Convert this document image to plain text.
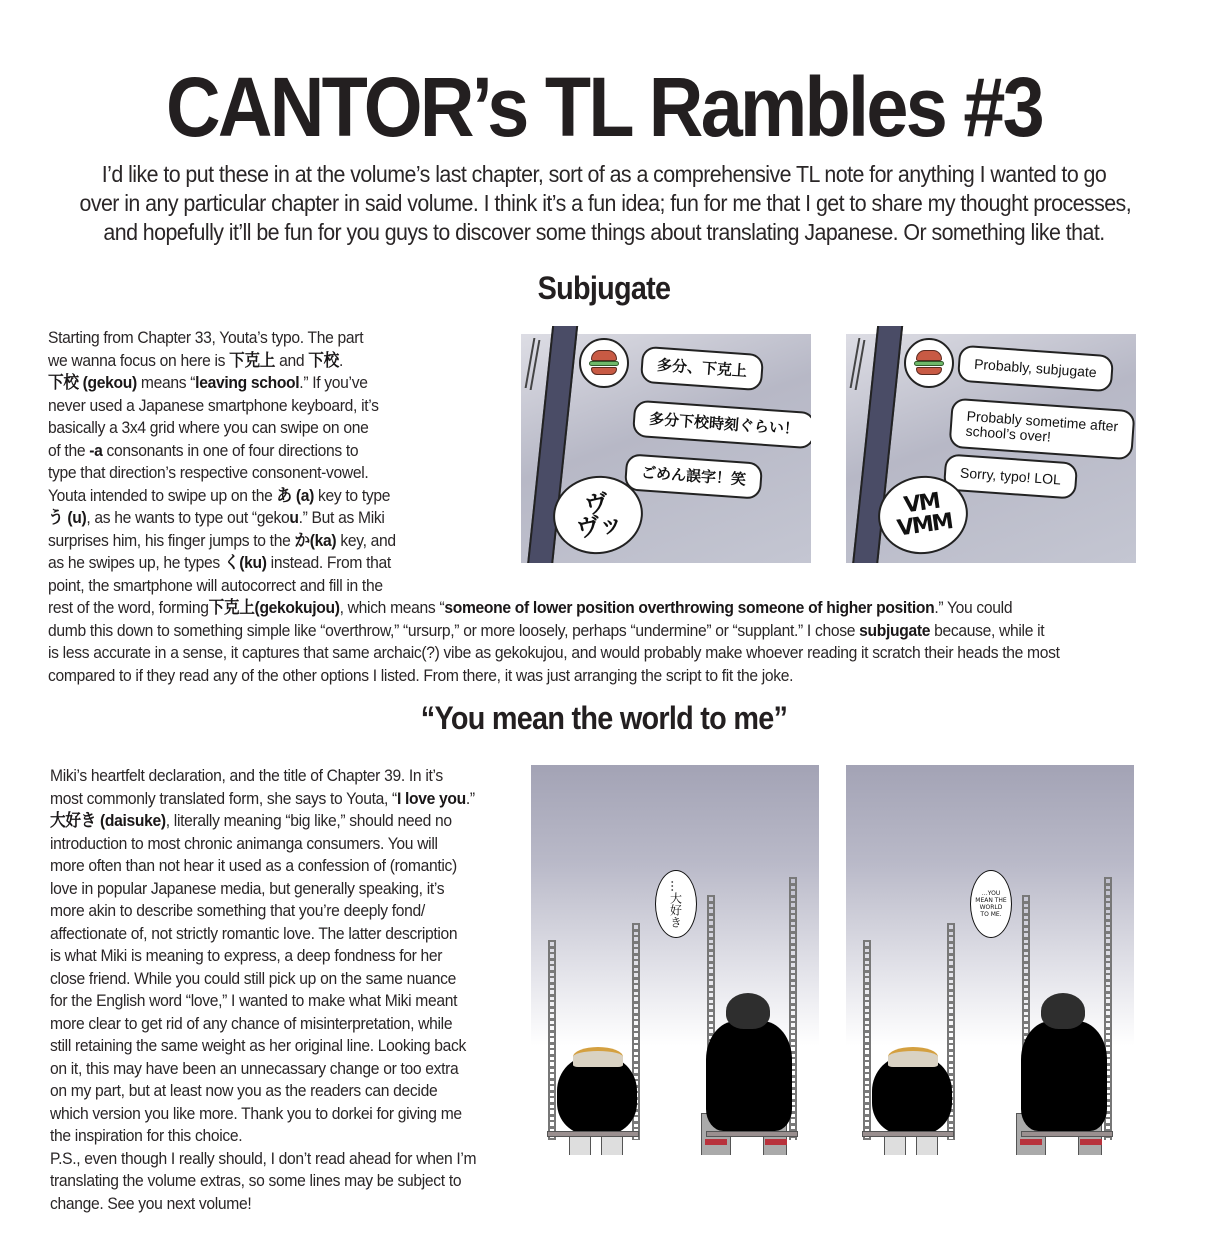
CANTOR’s TL Rambles #3
I’d like to put these in at the volume’s last chapter, sort of as a comprehensive TL note for anything I wanted to go
over in any particular chapter in said volume. I think it’s a fun idea; fun for me that I get to share my thought processes,
and hopefully it’ll be fun for you guys to discover some things about translating Japanese. Or something like that.
Subjugate
Starting from Chapter 33, Youta’s typo. The part
we wanna focus on here is 下克上 and 下校.
下校 (gekou) means “leaving school.” If you’ve
never used a Japanese smartphone keyboard, it’s
basically a 3x4 grid where you can swipe on one
of the -a consonants in one of four directions to
type that direction’s respective consonent-vowel.
Youta intended to swipe up on the あ (a) key to type
う (u), as he wants to type out “gekou.” But as Miki
surprises him, his finger jumps to the か(ka) key, and
as he swipes up, he types く(ku) instead. From that
point, the smartphone will autocorrect and fill in the
rest of the word, forming下克上(gekokujou), which means “someone of lower position overthrowing someone of higher position.” You could
dumb this down to something simple like “overthrow,” “ursurp,” or more loosely, perhaps “undermine” or “supplant.” I chose subjugate because, while it
is less accurate in a sense, it captures that same archaic(?) vibe as gekokujou, and would probably make whoever reading it scratch their heads the most
compared to if they read any of the other options I listed. From there, it was just arranging the script to fit the joke.
多分、下克上
多分下校時刻ぐらい！
ごめん誤字！笑
ヴ
ヴッ
Probably, subjugate
Probably sometime after
school’s over!
Sorry, typo! LOL
VM
VMM
“You mean the world to me”
Miki’s heartfelt declaration, and the title of Chapter 39. In it’s
most commonly translated form, she says to Youta, “I love you.”
大好き (daisuke), literally meaning “big like,” should need no
introduction to most chronic animanga consumers. You will
more often than not hear it used as a confession of (romantic)
love in popular Japanese media, but generally speaking, it’s
more akin to describe something that you’re deeply fond/
affectionate of, not strictly romantic love. The latter description
is what Miki is meaning to express, a deep fondness for her
close friend. While you could still pick up on the same nuance
for the English word “love,” I wanted to make what Miki meant
more clear to get rid of any chance of misinterpretation, while
still retaining the same weight as her original line. Looking back
on it, this may have been an unnecassary change or too extra
on my part, but at least now you as the readers can decide
which version you like more. Thank you to dorkei for giving me
the inspiration for this choice.
P.S., even though I really should, I don’t read ahead for when I’m
translating the volume extras, so some lines may be subject to
change. See you next volume!
…大好き	…YOU MEAN THE WORLD TO ME.
